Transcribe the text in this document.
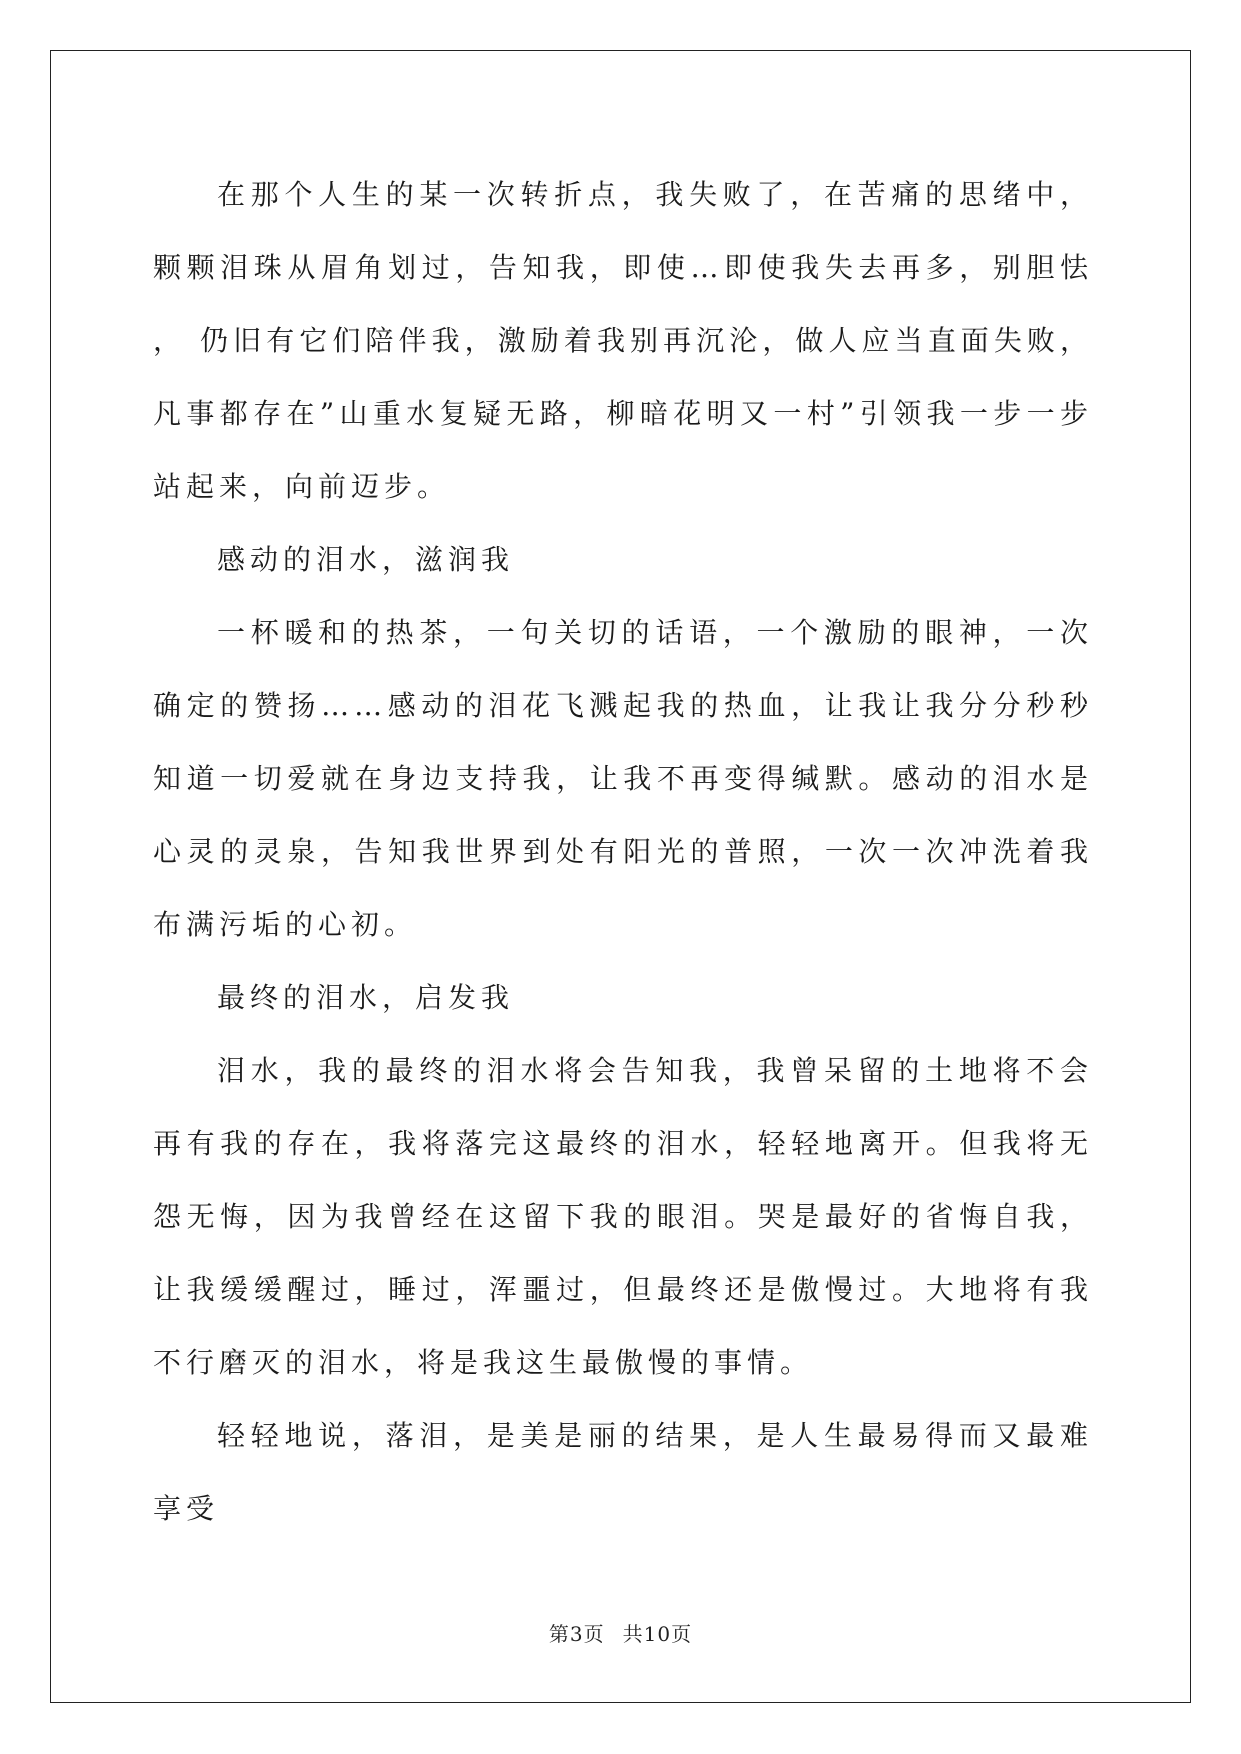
在那个人生的某一次转折点，我失败了，在苦痛的思绪中，颗颗泪珠从眉角划过，告知我，即使…即使我失去再多，别胆怯 ， 仍旧有它们陪伴我，激励着我别再沉沦，做人应当直面失败，凡事都存在”山重水复疑无路，柳暗花明又一村”引领我一步一步站起来，向前迈步。

感动的泪水，滋润我

一杯暖和的热茶，一句关切的话语，一个激励的眼神，一次确定的赞扬……感动的泪花飞溅起我的热血，让我让我分分秒秒知道一切爱就在身边支持我，让我不再变得缄默。感动的泪水是心灵的灵泉，告知我世界到处有阳光的普照，一次一次冲洗着我布满污垢的心初。

最终的泪水，启发我

泪水，我的最终的泪水将会告知我，我曾呆留的土地将不会再有我的存在，我将落完这最终的泪水，轻轻地离开。但我将无怨无悔，因为我曾经在这留下我的眼泪。哭是最好的省悔自我，让我缓缓醒过，睡过，浑噩过，但最终还是傲慢过。大地将有我不行磨灭的泪水，将是我这生最傲慢的事情。

轻轻地说，落泪，是美是丽的结果，是人生最易得而又最难享受

第3页 共10页
